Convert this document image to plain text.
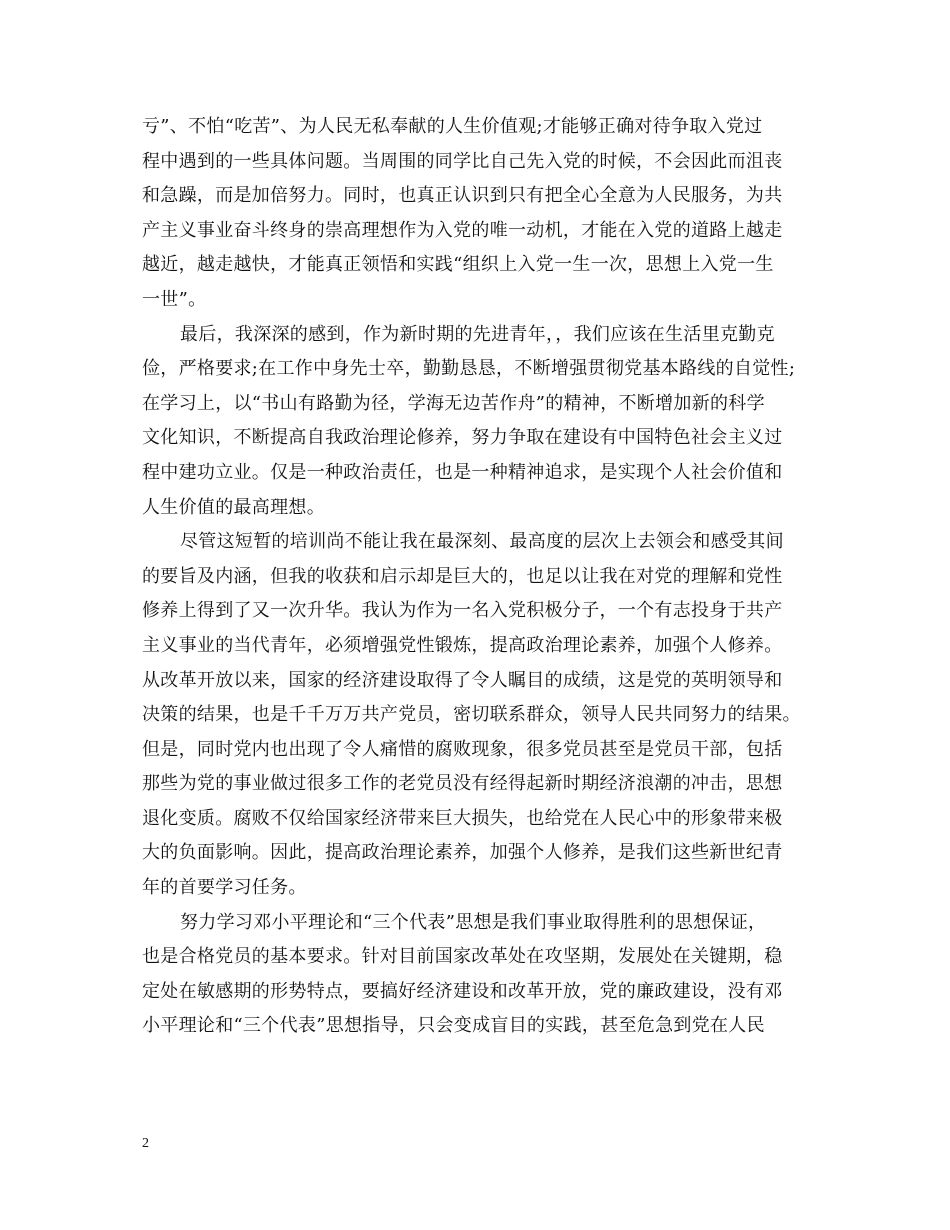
亏”、不怕“吃苦”、为人民无私奉献的人生价值观;才能够正确对待争取入党过
程中遇到的一些具体问题。当周围的同学比自己先入党的时候，不会因此而沮丧
和急躁，而是加倍努力。同时，也真正认识到只有把全心全意为人民服务，为共
产主义事业奋斗终身的崇高理想作为入党的唯一动机，才能在入党的道路上越走
越近，越走越快，才能真正领悟和实践“组织上入党一生一次，思想上入党一生
一世”。

最后，我深深的感到，作为新时期的先进青年，，我们应该在生活里克勤克
俭，严格要求;在工作中身先士卒，勤勤恳恳，不断增强贯彻党基本路线的自觉性;
在学习上，以“书山有路勤为径，学海无边苦作舟”的精神，不断增加新的科学
文化知识，不断提高自我政治理论修养，努力争取在建设有中国特色社会主义过
程中建功立业。仅是一种政治责任，也是一种精神追求，是实现个人社会价值和
人生价值的最高理想。

尽管这短暂的培训尚不能让我在最深刻、最高度的层次上去领会和感受其间
的要旨及内涵，但我的收获和启示却是巨大的，也足以让我在对党的理解和党性
修养上得到了又一次升华。我认为作为一名入党积极分子，一个有志投身于共产
主义事业的当代青年，必须增强党性锻炼，提高政治理论素养，加强个人修养。
从改革开放以来，国家的经济建设取得了令人瞩目的成绩，这是党的英明领导和
决策的结果，也是千千万万共产党员，密切联系群众，领导人民共同努力的结果。
但是，同时党内也出现了令人痛惜的腐败现象，很多党员甚至是党员干部，包括
那些为党的事业做过很多工作的老党员没有经得起新时期经济浪潮的冲击，思想
退化变质。腐败不仅给国家经济带来巨大损失，也给党在人民心中的形象带来极
大的负面影响。因此，提高政治理论素养，加强个人修养，是我们这些新世纪青
年的首要学习任务。

努力学习邓小平理论和“三个代表”思想是我们事业取得胜利的思想保证，
也是合格党员的基本要求。针对目前国家改革处在攻坚期，发展处在关键期，稳
定处在敏感期的形势特点，要搞好经济建设和改革开放，党的廉政建设，没有邓
小平理论和“三个代表”思想指导，只会变成盲目的实践，甚至危急到党在人民

2
